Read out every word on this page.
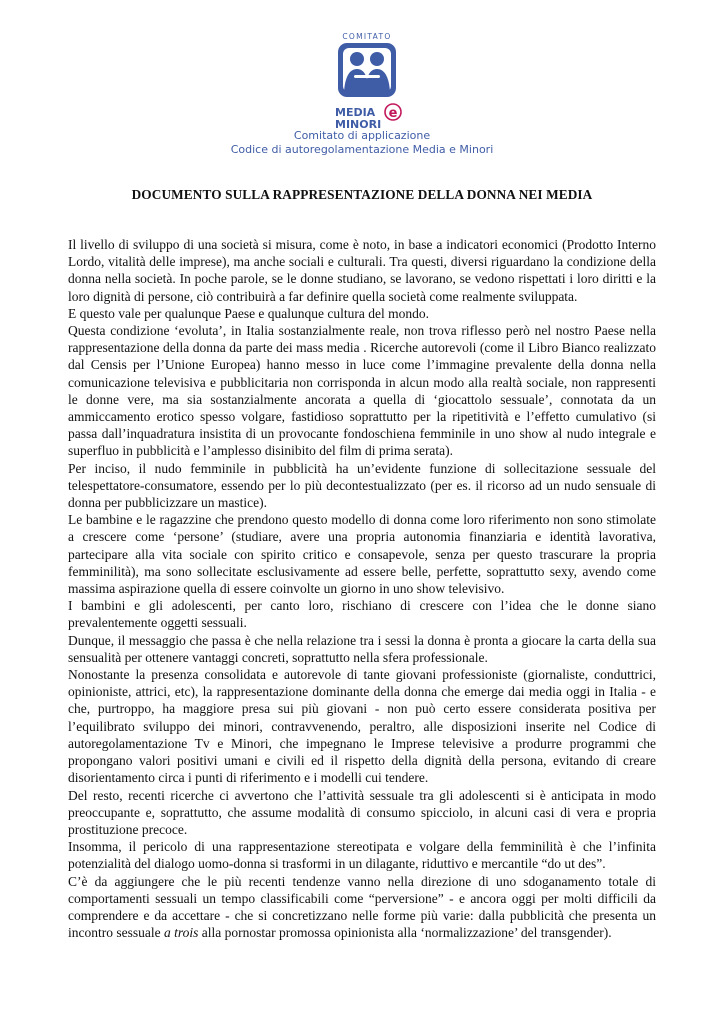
COMITATO
MEDIA
MINORI
e
Comitato di applicazione
Codice di autoregolamentazione Media e Minori
DOCUMENTO SULLA RAPPRESENTAZIONE DELLA DONNA NEI MEDIA

Il livello di sviluppo di una società si misura, come è noto, in base a indicatori economici (Prodotto Interno Lordo, vitalità delle imprese), ma anche sociali e culturali. Tra questi, diversi riguardano la condizione della donna nella società. In poche parole, se le donne studiano, se lavorano, se vedono rispettati i loro diritti e la loro dignità di persone, ciò contribuirà a far definire quella società come realmente sviluppata.

E questo vale per qualunque Paese e qualunque cultura del mondo.

Questa condizione ‘evoluta’, in Italia sostanzialmente reale, non trova riflesso però nel nostro Paese nella rappresentazione della donna da parte dei mass media . Ricerche autorevoli (come il Libro Bianco realizzato dal Censis per l’Unione Europea) hanno messo in luce come l’immagine prevalente della donna nella comunicazione televisiva e pubblicitaria non corrisponda in alcun modo alla realtà sociale, non rappresenti le donne vere, ma sia sostanzialmente ancorata a quella di ‘giocattolo sessuale’, connotata da un ammiccamento erotico spesso volgare, fastidioso soprattutto per la ripetitività e l’effetto cumulativo (si passa dall’inquadratura insistita di un provocante fondoschiena femminile in uno show al nudo integrale e superfluo in pubblicità e l’amplesso disinibito del film di prima serata).

Per inciso, il nudo femminile in pubblicità ha un’evidente funzione di sollecitazione sessuale del telespettatore-consumatore, essendo per lo più decontestualizzato (per es. il ricorso ad un nudo sensuale di donna per pubblicizzare un mastice).

Le bambine e le ragazzine che prendono questo modello di donna come loro riferimento non sono stimolate a crescere come ‘persone’ (studiare, avere una propria autonomia finanziaria e identità lavorativa, partecipare alla vita sociale con spirito critico e consapevole, senza per questo trascurare la propria femminilità), ma sono sollecitate esclusivamente ad essere belle, perfette, soprattutto sexy, avendo come massima aspirazione quella di essere coinvolte un giorno in uno show televisivo.

I bambini e gli adolescenti, per canto loro, rischiano di crescere con l’idea che le donne siano prevalentemente oggetti sessuali.

Dunque, il messaggio che passa è che nella relazione tra i sessi la donna è pronta a giocare la carta della sua sensualità per ottenere vantaggi concreti, soprattutto nella sfera professionale.

Nonostante la presenza consolidata e autorevole di tante giovani professioniste (giornaliste, conduttrici, opinioniste, attrici, etc), la rappresentazione dominante della donna che emerge dai media oggi in Italia - e che, purtroppo, ha maggiore presa sui più giovani - non può certo essere considerata positiva per l’equilibrato sviluppo dei minori, contravvenendo, peraltro, alle disposizioni inserite nel Codice di autoregolamentazione Tv e Minori, che impegnano le Imprese televisive a produrre programmi che propongano valori positivi umani e civili ed il rispetto della dignità della persona, evitando di creare disorientamento circa i punti di riferimento e i modelli cui tendere.

Del resto, recenti ricerche ci avvertono che l’attività sessuale tra gli adolescenti si è anticipata in modo preoccupante e, soprattutto, che assume modalità di consumo spicciolo, in alcuni casi di vera e propria prostituzione precoce.

Insomma, il pericolo di una rappresentazione stereotipata e volgare della femminilità è che l’infinita potenzialità del dialogo uomo-donna si trasformi in un dilagante, riduttivo e mercantile “do ut des”.

C’è da aggiungere che le più recenti tendenze vanno nella direzione di uno sdoganamento totale di comportamenti sessuali un tempo classificabili come “perversione” - e ancora oggi per molti difficili da comprendere e da accettare - che si concretizzano nelle forme più varie: dalla pubblicità che presenta un incontro sessuale a trois alla pornostar promossa opinionista alla ‘normalizzazione’ del transgender).
